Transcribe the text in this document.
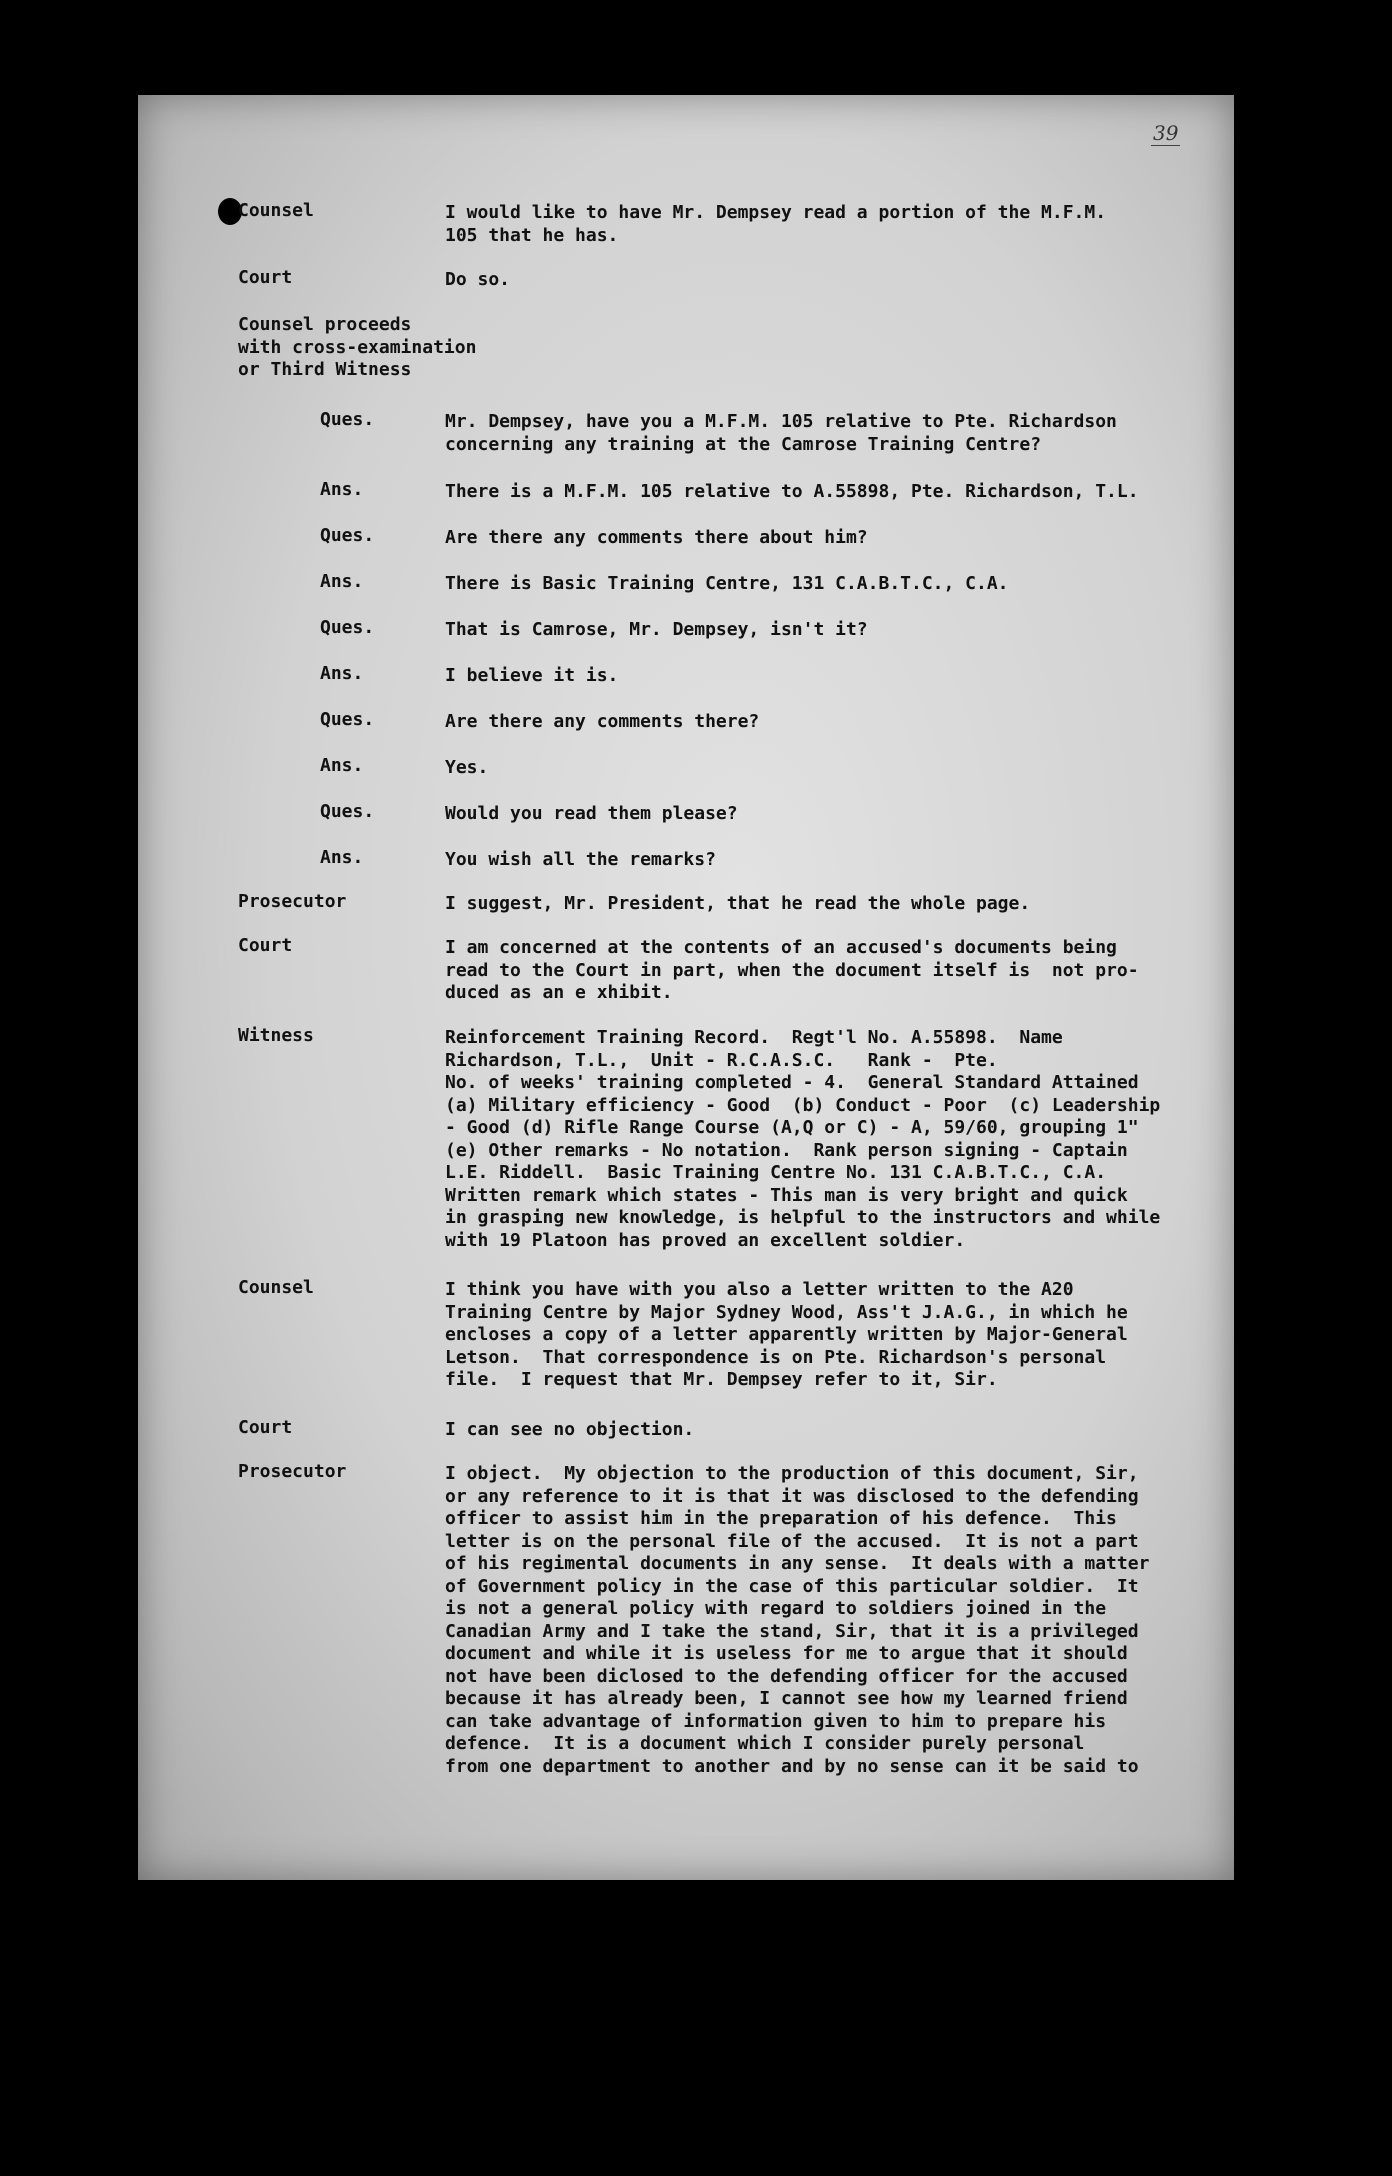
39
Counsel	I would like to have Mr. Dempsey read a portion of the M.F.M.
105 that he has.
Court	Do so.
Counsel proceeds
with cross-examination
or Third Witness
Ques.	Mr. Dempsey, have you a M.F.M. 105 relative to Pte. Richardson
concerning any training at the Camrose Training Centre?
Ans.	There is a M.F.M. 105 relative to A.55898, Pte. Richardson, T.L.
Ques.	Are there any comments there about him?
Ans.	There is Basic Training Centre, 131 C.A.B.T.C., C.A.
Ques.	That is Camrose, Mr. Dempsey, isn't it?
Ans.	I believe it is.
Ques.	Are there any comments there?
Ans.	Yes.
Ques.	Would you read them please?
Ans.	You wish all the remarks?
Prosecutor	I suggest, Mr. President, that he read the whole page.
Court	I am concerned at the contents of an accused's documents being
read to the Court in part, when the document itself is  not pro-
duced as an e xhibit.
Witness	Reinforcement Training Record.  Regt'l No. A.55898.  Name
Richardson, T.L.,  Unit - R.C.A.S.C.   Rank -  Pte.
No. of weeks' training completed - 4.  General Standard Attained
(a) Military efficiency - Good  (b) Conduct - Poor  (c) Leadership
- Good (d) Rifle Range Course (A,Q or C) - A, 59/60, grouping 1"
(e) Other remarks - No notation.  Rank person signing - Captain
L.E. Riddell.  Basic Training Centre No. 131 C.A.B.T.C., C.A.
Written remark which states - This man is very bright and quick
in grasping new knowledge, is helpful to the instructors and while
with 19 Platoon has proved an excellent soldier.
Counsel	I think you have with you also a letter written to the A20
Training Centre by Major Sydney Wood, Ass't J.A.G., in which he
encloses a copy of a letter apparently written by Major-General
Letson.  That correspondence is on Pte. Richardson's personal
file.  I request that Mr. Dempsey refer to it, Sir.
Court	I can see no objection.
Prosecutor	I object.  My objection to the production of this document, Sir,
or any reference to it is that it was disclosed to the defending
officer to assist him in the preparation of his defence.  This
letter is on the personal file of the accused.  It is not a part
of his regimental documents in any sense.  It deals with a matter
of Government policy in the case of this particular soldier.  It
is not a general policy with regard to soldiers joined in the
Canadian Army and I take the stand, Sir, that it is a privileged
document and while it is useless for me to argue that it should
not have been diclosed to the defending officer for the accused
because it has already been, I cannot see how my learned friend
can take advantage of information given to him to prepare his
defence.  It is a document which I consider purely personal
from one department to another and by no sense can it be said to
